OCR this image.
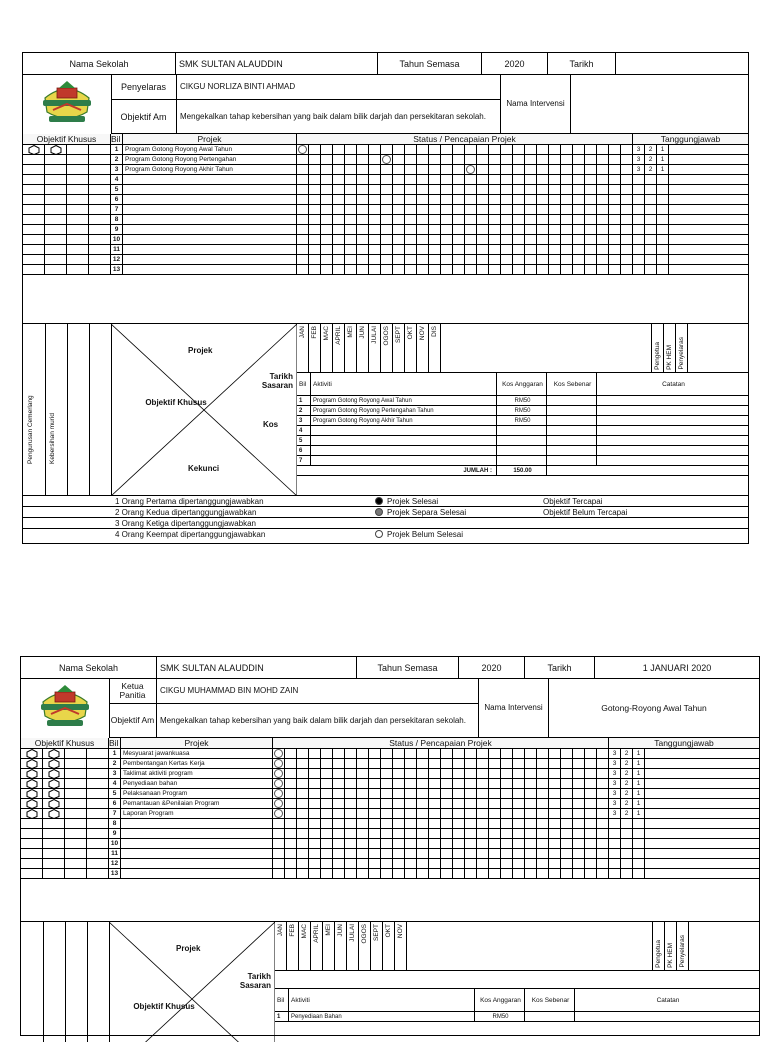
Nama Sekolah	SMK SULTAN ALAUDDIN	Tahun Semasa	2020	Tarikh
Penyelaras	CIKGU NORLIZA BINTI AHMAD
Objektif Am	Mengekalkan tahap kebersihan yang baik dalam bilik darjah dan persekitaran sekolah.
Nama Intervensi
Objektif Khusus	Bil	Projek	Status / Pencapaian Projek	Tanggungjawab
1	Program Gotong Royong Awal Tahun	3	2	1
2	Program Gotong Royong Pertengahan	3	2	1
3	Program Gotong Royong Akhir Tahun	3	2	1
4
5
6
7
8
9
10
11
12
13
Pengurusan Cemerlang Kebersihan murid
Projek
Tarikh Sasaran
Objektif Khusus
Kos
Kekunci
JAN FEB MAC APRIL MEI JUN JULAI OGOS SEPT OKT NOV DIS
Pengetua PK HEM Penyelaras
Bil	Aktiviti	Kos Anggaran	Kos Sebenar	Catatan
1	Program Gotong Royong Awal Tahun	RM50
2	Program Gotong Royong Pertengahan Tahun	RM50
3	Program Gotong Royong Akhir Tahun	RM50
4
5
6
7
JUMLAH :	150.00
1 Orang Pertama dipertanggungjawabkan	Projek Selesai	Objektif Tercapai
2 Orang Kedua dipertanggungjawabkan	Projek Separa Selesai	Objektif Belum Tercapai
3 Orang Ketiga dipertanggungjawabkan
4 Orang Keempat dipertanggungjawabkan	Projek Belum Selesai
Nama Sekolah	SMK SULTAN ALAUDDIN	Tahun Semasa	2020	Tarikh	1 JANUARI 2020
Ketua Panitia	CIKGU MUHAMMAD BIN MOHD ZAIN
Objektif Am Mengekalkan tahap kebersihan yang baik dalam bilik darjah dan persekitaran sekolah.
Nama Intervensi	Gotong-Royong Awal Tahun
Objektif Khusus	Bil	Projek	Status / Pencapaian Projek	Tanggungjawab
1	Mesyuarat jawankuasa	3	2	1
2	Pembentangan Kertas Kerja	3	2	1
3	Taklimat aktiviti program	3	2	1
4	Penyediaan bahan	3	2	1
5	Pelaksanaan Program	3	2	1
6	Pemantauan &Penilaian Program	3	2	1
7	Laporan Program	3	2	1
8
9
10
11
12
13
Projek
Tarikh Sasaran
Objektif Khusus
JAN FEB MAC APRIL MEI JUN JULAI OGOS SEPT OKT NOV
Pengetua PK HEM Penyelaras
Bil	Aktiviti	Kos Anggaran	Kos Sebenar	Catatan
1	Penyediaan Bahan	RM50
